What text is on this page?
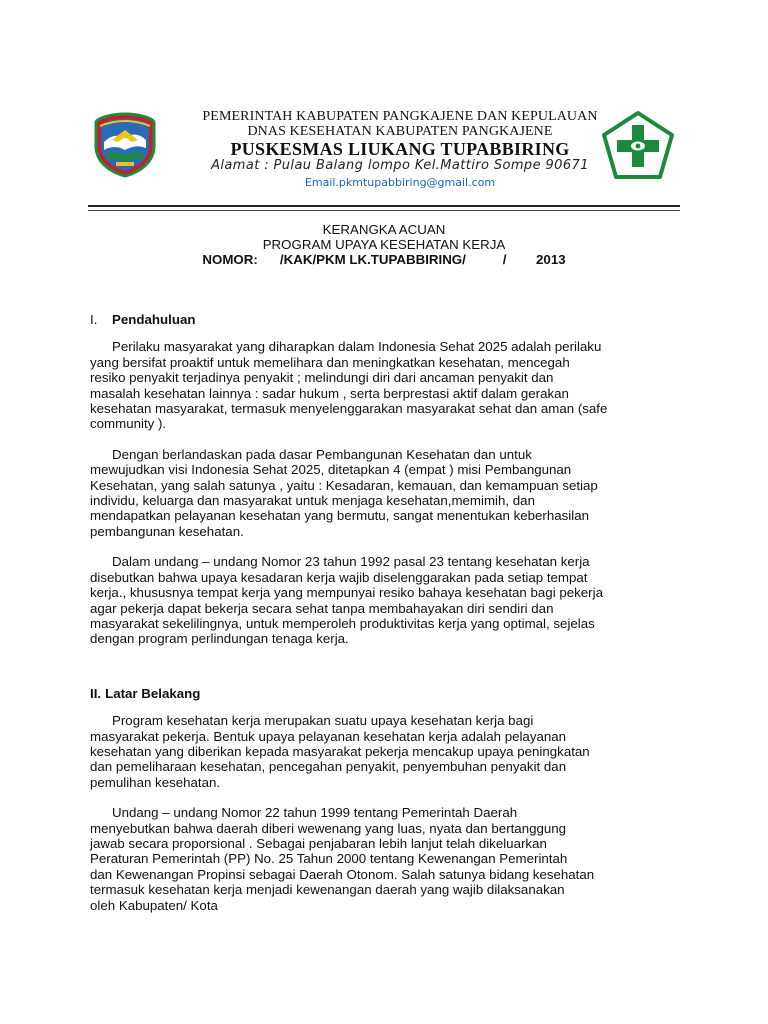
PEMERINTAH KABUPATEN PANGKAJENE DAN KEPULAUAN
DNAS KESEHATAN KABUPATEN PANGKAJENE
PUSKESMAS LIUKANG TUPABBIRING
Alamat : Pulau Balang lompo Kel.Mattiro Sompe 90671
Email.pkmtupabbiring@gmail.com
KERANGKA ACUAN
PROGRAM UPAYA KESEHATAN KERJA
NOMOR:      /KAK/PKM LK.TUPABBIRING/          /        2013
I. Pendahuluan
Perilaku masyarakat yang diharapkan dalam Indonesia Sehat 2025 adalah perilaku
yang bersifat proaktif untuk memelihara dan meningkatkan kesehatan, mencegah
resiko penyakit terjadinya penyakit ; melindungi diri dari ancaman penyakit dan
masalah kesehatan lainnya : sadar hukum , serta berprestasi aktif dalam gerakan
kesehatan masyarakat, termasuk menyelenggarakan masyarakat sehat dan aman (safe
community ).
Dengan berlandaskan pada dasar Pembangunan Kesehatan dan untuk
mewujudkan visi Indonesia Sehat 2025, ditetapkan 4 (empat ) misi Pembangunan
Kesehatan, yang salah satunya , yaitu : Kesadaran, kemauan, dan kemampuan setiap
individu, keluarga dan masyarakat untuk menjaga kesehatan,memimih, dan
mendapatkan pelayanan kesehatan yang bermutu, sangat menentukan keberhasilan
pembangunan kesehatan.
Dalam undang – undang Nomor 23 tahun 1992 pasal 23 tentang kesehatan kerja
disebutkan bahwa upaya kesadaran kerja wajib diselenggarakan pada setiap tempat
kerja., khususnya tempat kerja yang mempunyai resiko bahaya kesehatan bagi pekerja
agar pekerja dapat bekerja secara sehat tanpa membahayakan diri sendiri dan
masyarakat sekelilingnya, untuk memperoleh produktivitas kerja yang optimal, sejelas
dengan program perlindungan tenaga kerja.
II. Latar Belakang
Program kesehatan kerja merupakan suatu upaya kesehatan kerja bagi
masyarakat pekerja. Bentuk upaya pelayanan kesehatan kerja adalah pelayanan
kesehatan yang diberikan kepada masyarakat pekerja mencakup upaya peningkatan
dan pemeliharaan kesehatan, pencegahan penyakit, penyembuhan penyakit dan
pemulihan kesehatan.
Undang – undang Nomor 22 tahun 1999 tentang Pemerintah Daerah
menyebutkan bahwa daerah diberi wewenang yang luas, nyata dan bertanggung
jawab secara proporsional . Sebagai penjabaran lebih lanjut telah dikeluarkan
Peraturan Pemerintah (PP) No. 25 Tahun 2000 tentang Kewenangan Pemerintah
dan Kewenangan Propinsi sebagai Daerah Otonom. Salah satunya bidang kesehatan
termasuk kesehatan kerja menjadi kewenangan daerah yang wajib dilaksanakan
oleh Kabupaten/ Kota
